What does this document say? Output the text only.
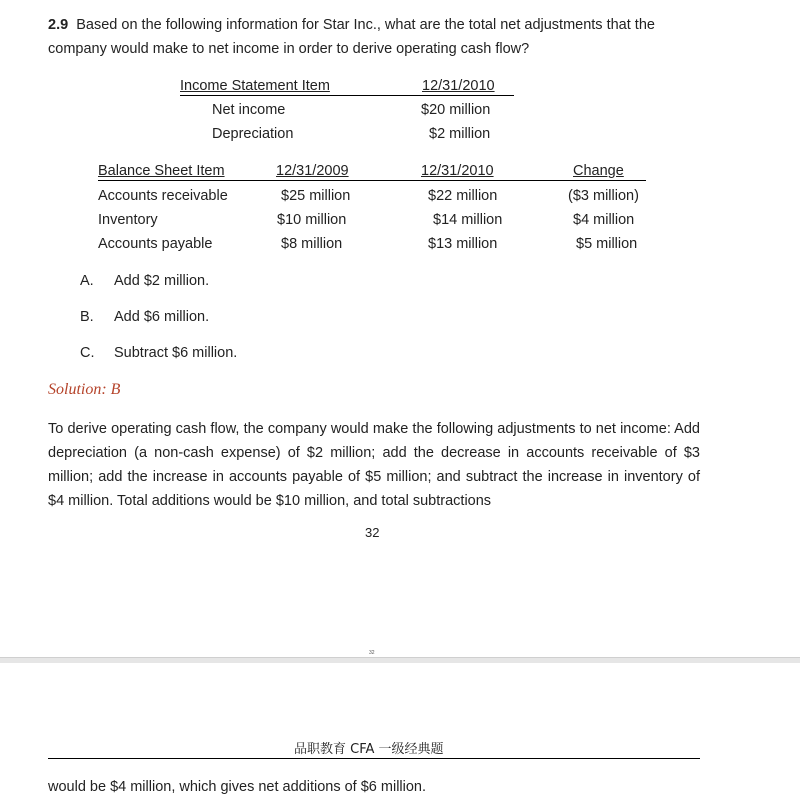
2.9 Based on the following information for Star Inc., what are the total net adjustments that the
company would make to net income in order to derive operating cash flow?
Income Statement Item	12/31/2010
Net income	$20 million
Depreciation	$2 million
Balance Sheet Item	12/31/2009	12/31/2010	Change
Accounts receivable	$25 million	$22 million	($3 million)
Inventory	$10 million	$14 million	$4 million
Accounts payable	$8 million	$13 million	$5 million
A. Add $2 million.
B. Add $6 million.
C. Subtract $6 million.
Solution: B
To derive operating cash flow, the company would make the following adjustments to net income: Add depreciation (a non-cash expense) of $2 million; add the decrease in accounts receivable of $3 million; add the increase in accounts payable of $5 million; and subtract the increase in inventory of $4 million. Total additions would be $10 million, and total subtractions
32
32
品职教育 CFA 一级经典题
would be $4 million, which gives net additions of $6 million.
